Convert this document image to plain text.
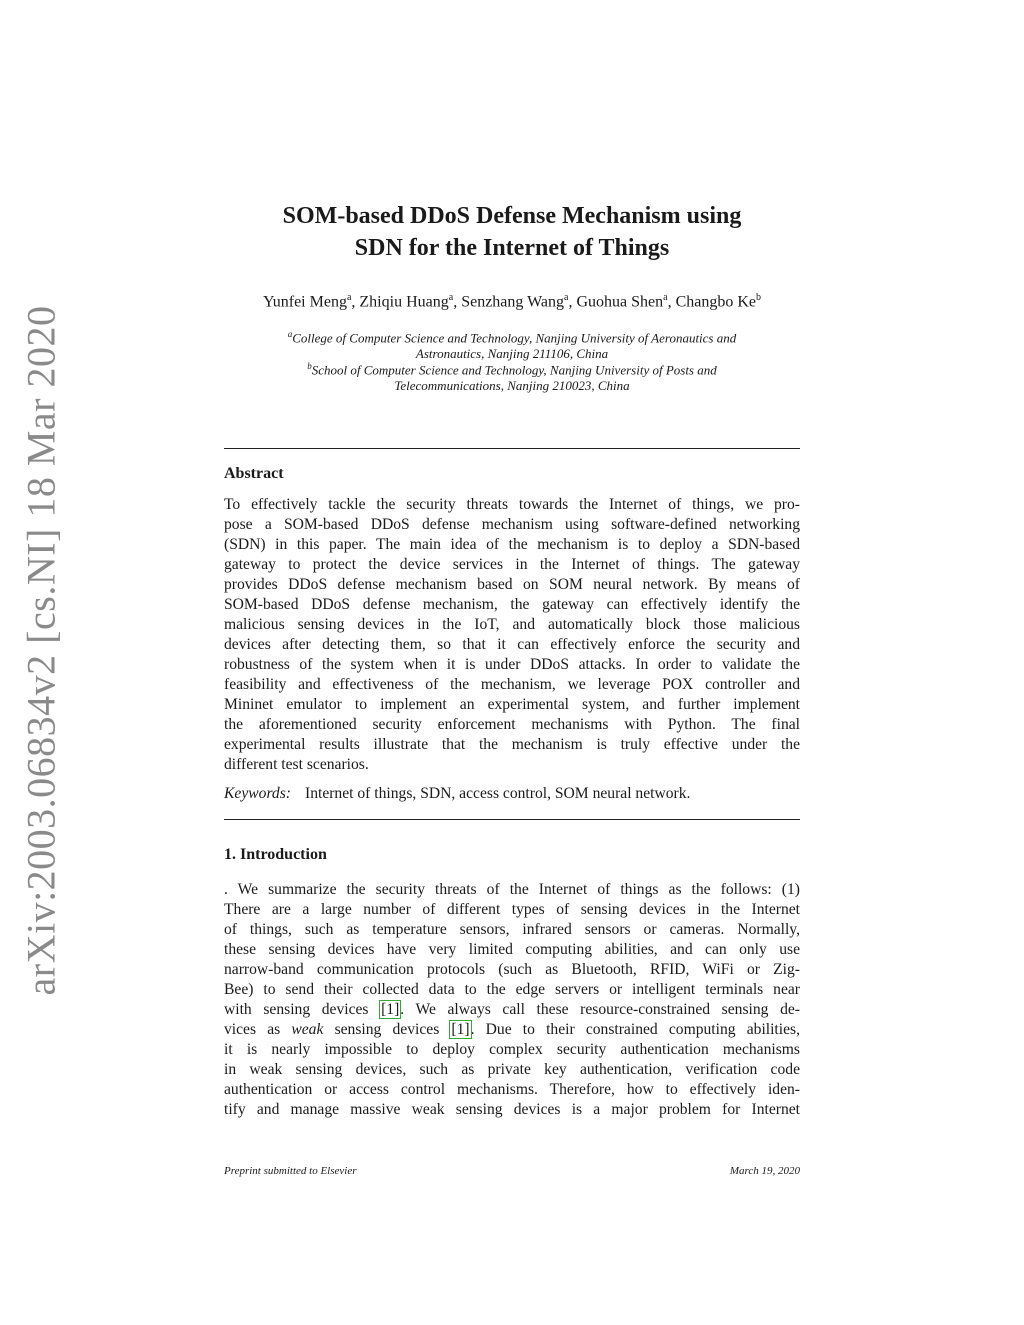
arXiv:2003.06834v2 [cs.NI] 18 Mar 2020
SOM-based DDoS Defense Mechanism using
SDN for the Internet of Things
Yunfei Meng$^a$, Zhiqiu Huang$^a$, Senzhang Wang$^a$, Guohua Shen$^a$, Changbo Ke$^b$
$^a$College of Computer Science and Technology, Nanjing University of Aeronautics and
Astronautics, Nanjing 211106, China
$^b$School of Computer Science and Technology, Nanjing University of Posts and
Telecommunications, Nanjing 210023, China
Abstract
To effectively tackle the security threats towards the Internet of things, we pro-
pose a SOM-based DDoS defense mechanism using software-defined networking
(SDN) in this paper. The main idea of the mechanism is to deploy a SDN-based
gateway to protect the device services in the Internet of things. The gateway
provides DDoS defense mechanism based on SOM neural network. By means of
SOM-based DDoS defense mechanism, the gateway can effectively identify the
malicious sensing devices in the IoT, and automatically block those malicious
devices after detecting them, so that it can effectively enforce the security and
robustness of the system when it is under DDoS attacks. In order to validate the
feasibility and effectiveness of the mechanism, we leverage POX controller and
Mininet emulator to implement an experimental system, and further implement
the aforementioned security enforcement mechanisms with Python. The final
experimental results illustrate that the mechanism is truly effective under the
different test scenarios.
Keywords: Internet of things, SDN, access control, SOM neural network.
1. Introduction
. We summarize the security threats of the Internet of things as the follows: (1)
There are a large number of different types of sensing devices in the Internet
of things, such as temperature sensors, infrared sensors or cameras. Normally,
these sensing devices have very limited computing abilities, and can only use
narrow-band communication protocols (such as Bluetooth, RFID, WiFi or Zig-
Bee) to send their collected data to the edge servers or intelligent terminals near
with sensing devices [1]. We always call these resource-constrained sensing de-
vices as weak sensing devices [1]. Due to their constrained computing abilities,
it is nearly impossible to deploy complex security authentication mechanisms
in weak sensing devices, such as private key authentication, verification code
authentication or access control mechanisms. Therefore, how to effectively iden-
tify and manage massive weak sensing devices is a major problem for Internet
Preprint submitted to Elsevier	March 19, 2020
